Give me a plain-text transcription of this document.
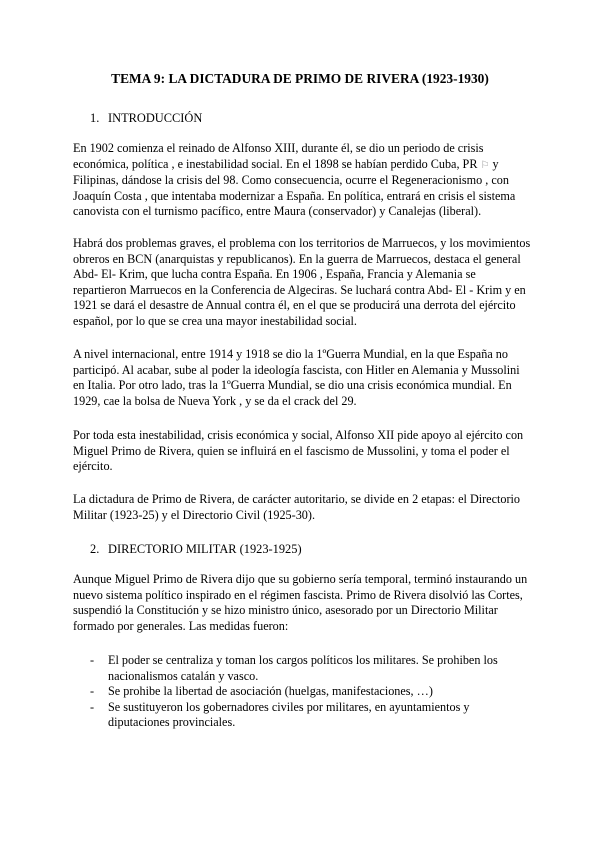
TEMA 9: LA DICTADURA DE PRIMO DE RIVERA (1923-1930)
1. INTRODUCCIÓN
En 1902 comienza el reinado de Alfonso XIII, durante él, se dio un periodo de crisis
económica, política , e inestabilidad social. En el 1898 se habían perdido Cuba, PR ⚐ y
Filipinas, dándose la crisis del 98. Como consecuencia, ocurre el Regeneracionismo , con
Joaquín Costa , que intentaba modernizar a España. En política, entrará en crisis el sistema
canovista con el turnismo pacífico, entre Maura (conservador) y Canalejas (liberal).
Habrá dos problemas graves, el problema con los territorios de Marruecos, y los movimientos
obreros en BCN (anarquistas y republicanos). En la guerra de Marruecos, destaca el general
Abd- El- Krim, que lucha contra España. En 1906 , España, Francia y Alemania se
repartieron Marruecos en la Conferencia de Algeciras. Se luchará contra Abd- El - Krim y en
1921 se dará el desastre de Annual contra él, en el que se producirá una derrota del ejército
español, por lo que se crea una mayor inestabilidad social.
A nivel internacional, entre 1914 y 1918 se dio la 1ºGuerra Mundial, en la que España no
participó. Al acabar, sube al poder la ideología fascista, con Hitler en Alemania y Mussolini
en Italia. Por otro lado, tras la 1ºGuerra Mundial, se dio una crisis económica mundial. En
1929, cae la bolsa de Nueva York , y se da el crack del 29.
Por toda esta inestabilidad, crisis económica y social, Alfonso XII pide apoyo al ejército con
Miguel Primo de Rivera, quien se influirá en el fascismo de Mussolini, y toma el poder el
ejército.
La dictadura de Primo de Rivera, de carácter autoritario, se divide en 2 etapas: el Directorio
Militar (1923-25) y el Directorio Civil (1925-30).
2. DIRECTORIO MILITAR (1923-1925)
Aunque Miguel Primo de Rivera dijo que su gobierno sería temporal, terminó instaurando un
nuevo sistema político inspirado en el régimen fascista. Primo de Rivera disolvió las Cortes,
suspendió la Constitución y se hizo ministro único, asesorado por un Directorio Militar
formado por generales. Las medidas fueron:
- El poder se centraliza y toman los cargos políticos los militares. Se prohiben los
nacionalismos catalán y vasco.
- Se prohibe la libertad de asociación (huelgas, manifestaciones, …)
- Se sustituyeron los gobernadores civiles por militares, en ayuntamientos y
diputaciones provinciales.
